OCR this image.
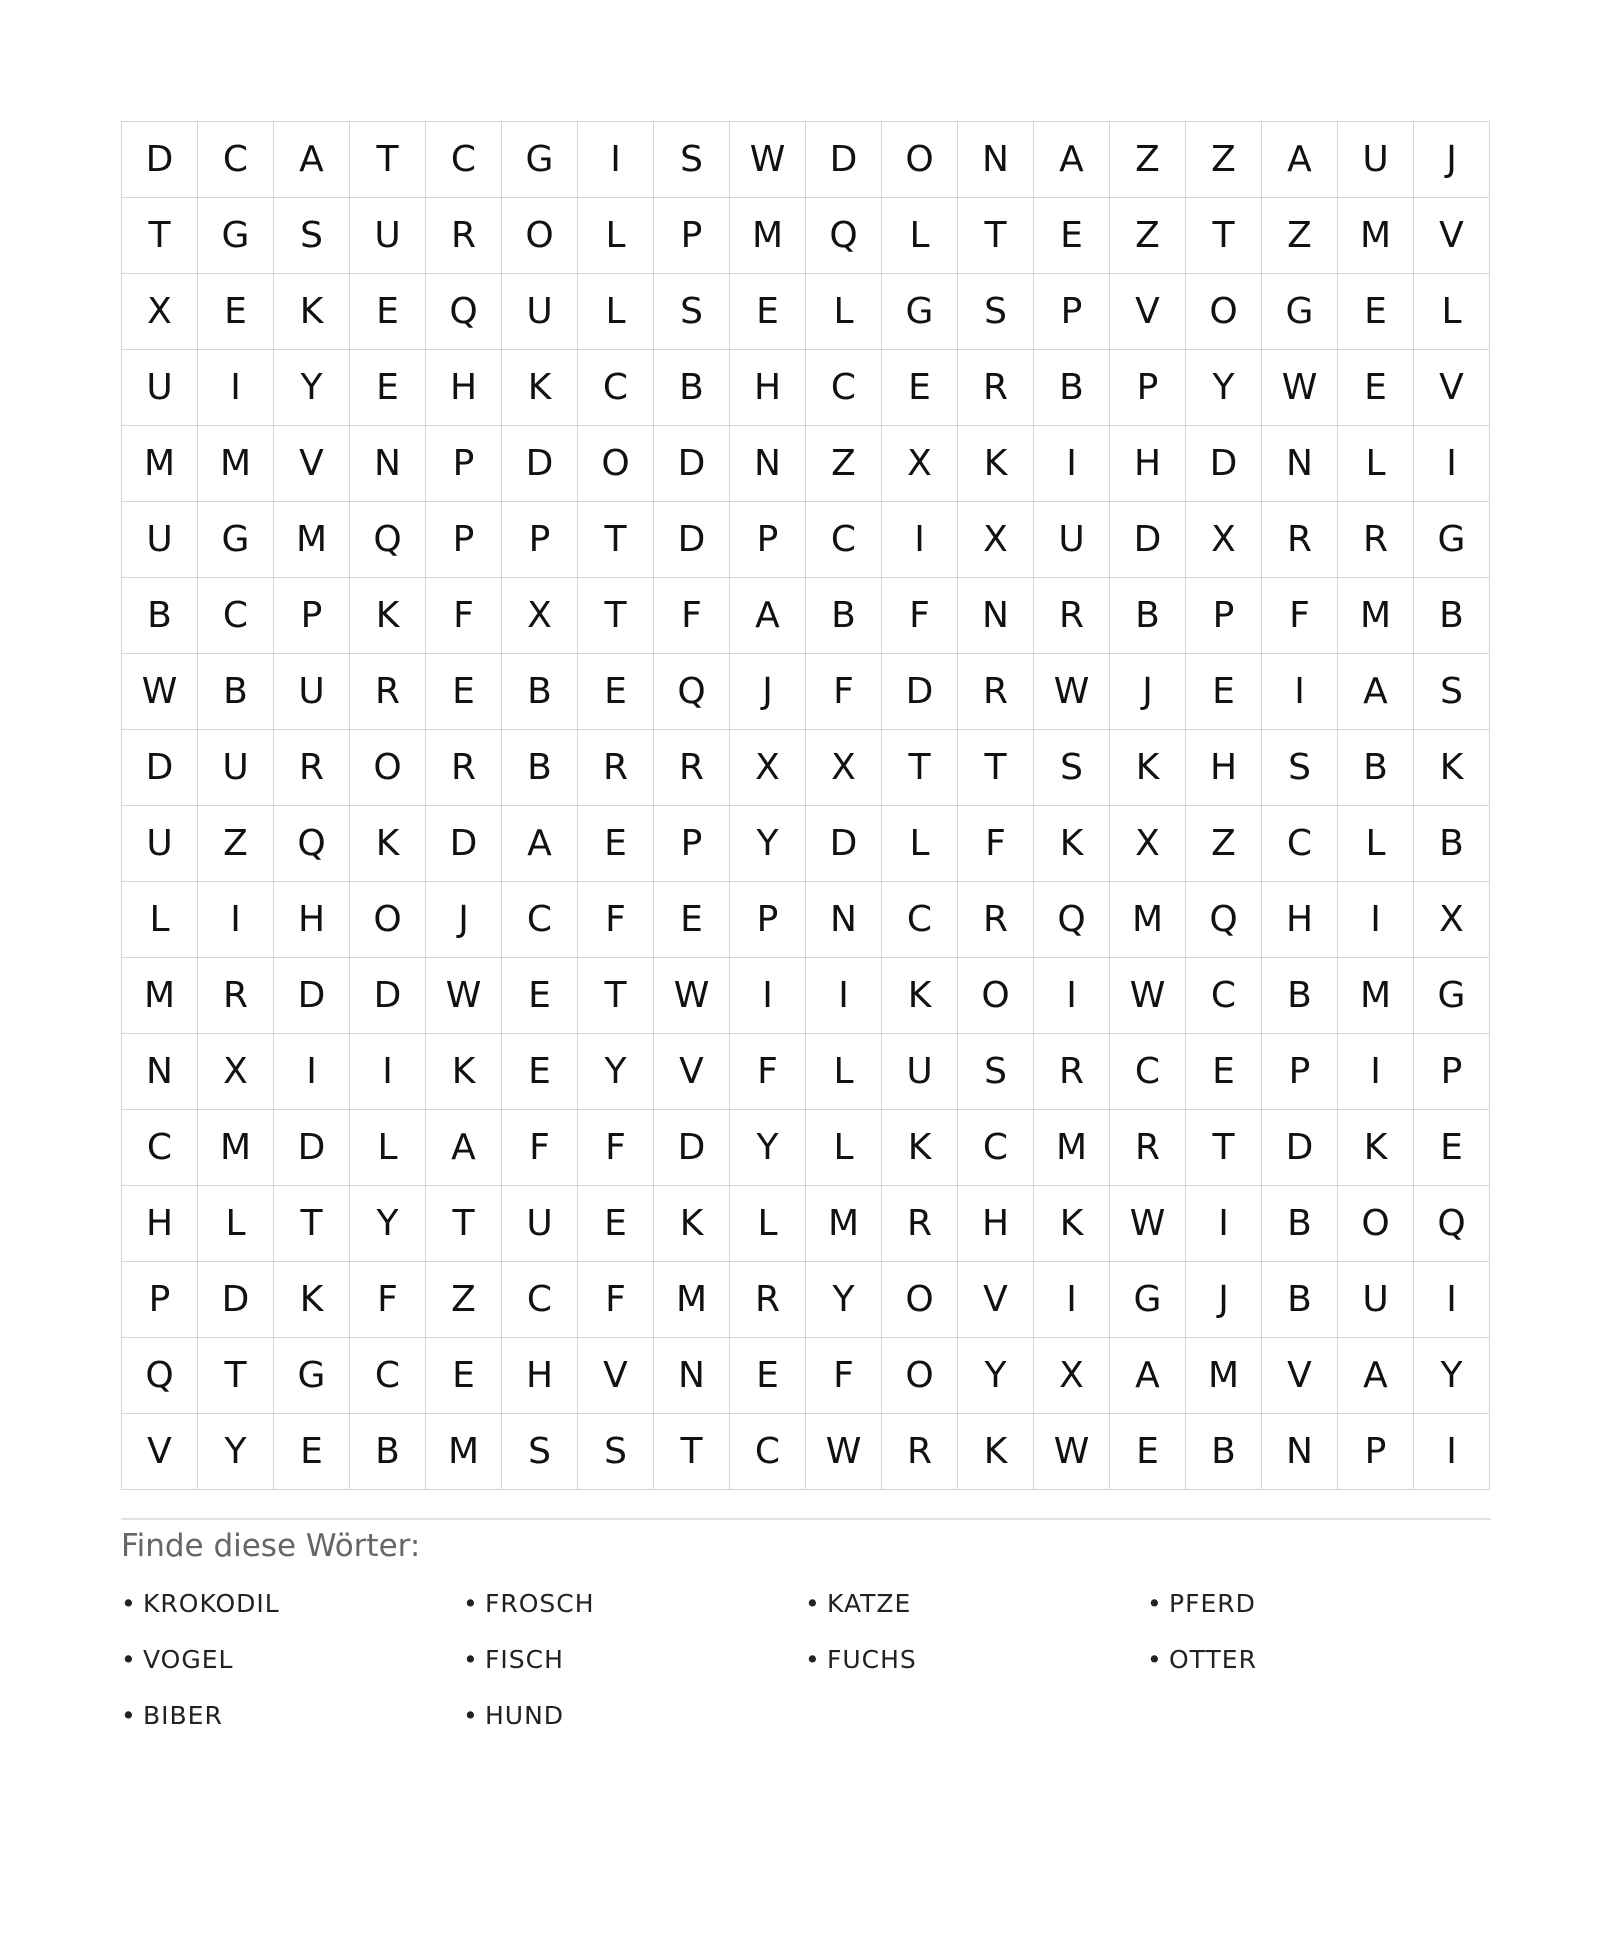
D	C	A	T	C	G	I	S	W	D	O	N	A	Z	Z	A	U	J
T	G	S	U	R	O	L	P	M	Q	L	T	E	Z	T	Z	M	V
X	E	K	E	Q	U	L	S	E	L	G	S	P	V	O	G	E	L
U	I	Y	E	H	K	C	B	H	C	E	R	B	P	Y	W	E	V
M	M	V	N	P	D	O	D	N	Z	X	K	I	H	D	N	L	I
U	G	M	Q	P	P	T	D	P	C	I	X	U	D	X	R	R	G
B	C	P	K	F	X	T	F	A	B	F	N	R	B	P	F	M	B
W	B	U	R	E	B	E	Q	J	F	D	R	W	J	E	I	A	S
D	U	R	O	R	B	R	R	X	X	T	T	S	K	H	S	B	K
U	Z	Q	K	D	A	E	P	Y	D	L	F	K	X	Z	C	L	B
L	I	H	O	J	C	F	E	P	N	C	R	Q	M	Q	H	I	X
M	R	D	D	W	E	T	W	I	I	K	O	I	W	C	B	M	G
N	X	I	I	K	E	Y	V	F	L	U	S	R	C	E	P	I	P
C	M	D	L	A	F	F	D	Y	L	K	C	M	R	T	D	K	E
H	L	T	Y	T	U	E	K	L	M	R	H	K	W	I	B	O	Q
P	D	K	F	Z	C	F	M	R	Y	O	V	I	G	J	B	U	I
Q	T	G	C	E	H	V	N	E	F	O	Y	X	A	M	V	A	Y
V	Y	E	B	M	S	S	T	C	W	R	K	W	E	B	N	P	I
Finde diese Wörter:
• KROKODIL	• FROSCH	• KATZE	• PFERD
• VOGEL	• FISCH	• FUCHS	• OTTER
• BIBER	• HUND
